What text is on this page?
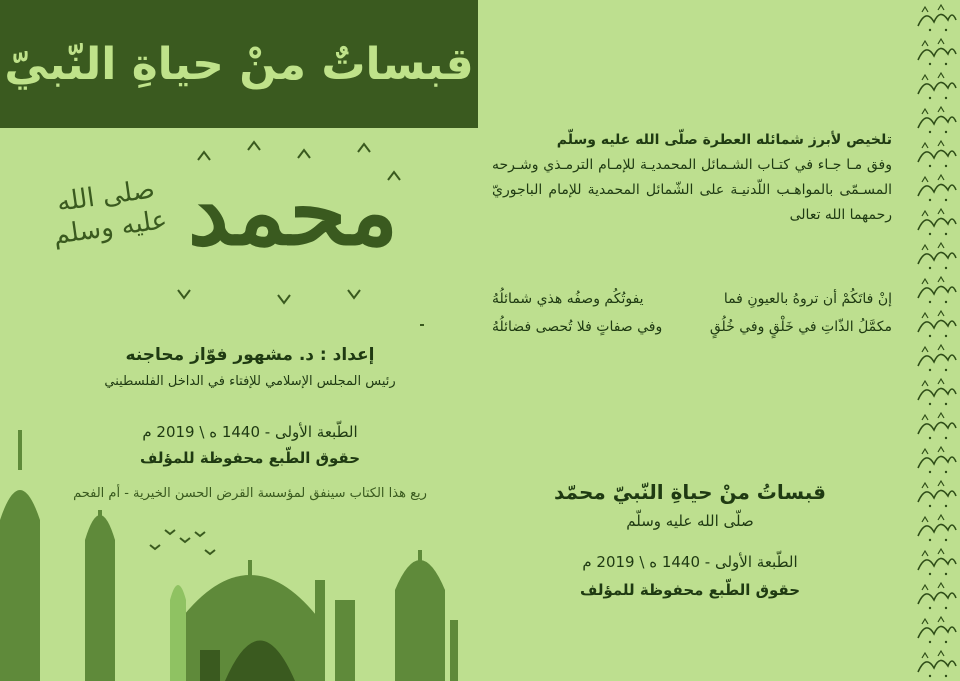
قبساتٌ منْ حياةِ النّبيّ
محمد
صلى الله عليه وسلم
إعداد : د. مشهور فوّاز محاجنه
رئيس المجلس الإسلامي للإفتاء في الداخل الفلسطيني
الطّبعة الأولى - 1440 ه \ 2019 م
حقوق الطّبع محفوظة للمؤلف
ريع هذا الكتاب سينفق لمؤسسة القرض الحسن الخيرية - أم الفحم
تلخيص لأبرز شمائله العطرة صلّى الله عليه وسلّم
وفق مـا جـاء في كتـاب الشـمائل المحمديـة للإمـام الترمـذي وشـرحه المسـمّى بالمواهـب اللّدنيـة على الشّمائل المحمدية للإمام الباجوريّ رحمهما الله تعالى
إنْ فاتَكُمْ أن تروهُ بالعيونِ فما
يفوتُكُم وصفُه هذي شمائلُهُ
مكمَّلُ الذّاتِ في خَلْقٍ وفي خُلُقٍ
وفي صفاتٍ فلا تُحصى فضائلُهُ
قبساتُ منْ حياةِ النّبيّ محمّد
صلّى الله عليه وسلّم
الطّبعة الأولى - 1440 ه \ 2019 م
حقوق الطّبع محفوظة للمؤلف
